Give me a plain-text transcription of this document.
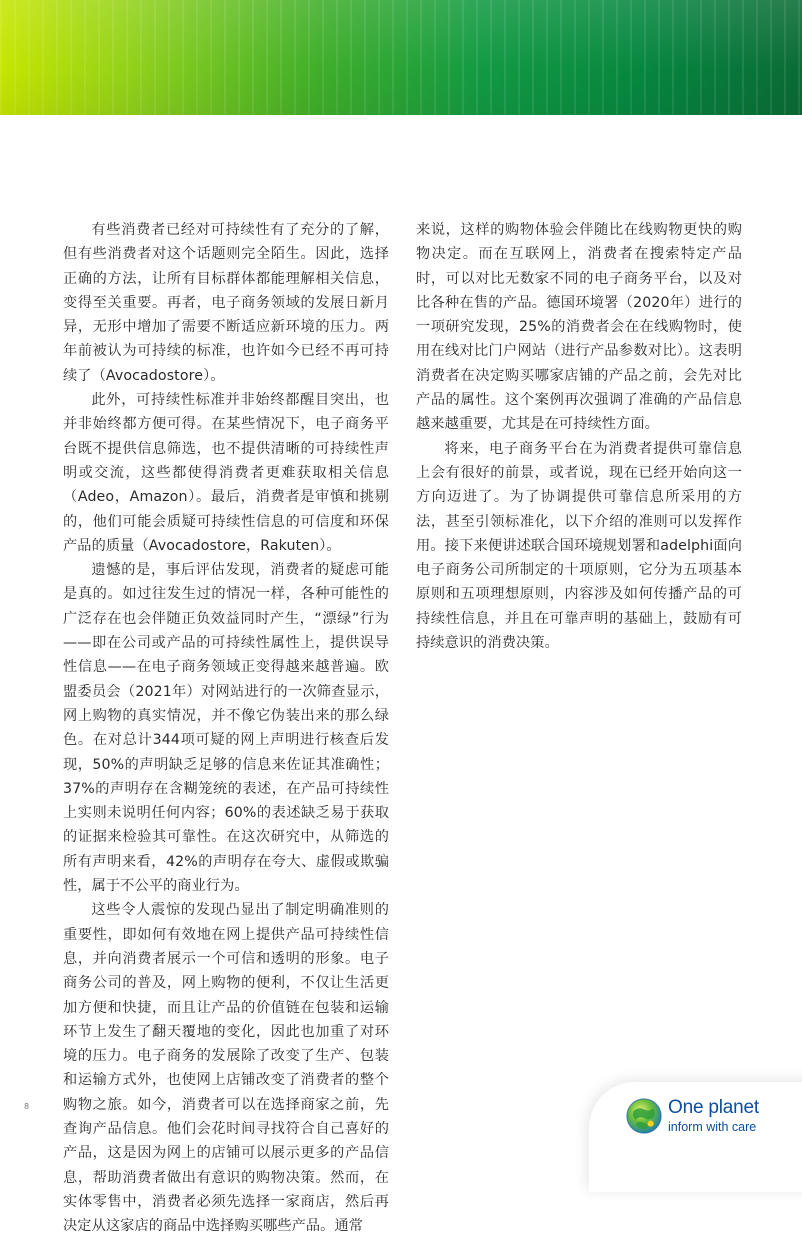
有些消费者已经对可持续性有了充分的了解，但有些消费者对这个话题则完全陌生。因此，选择正确的方法，让所有目标群体都能理解相关信息，变得至关重要。再者，电子商务领域的发展日新月异，无形中增加了需要不断适应新环境的压力。两年前被认为可持续的标准，也许如今已经不再可持续了（Avocadostore）。

此外，可持续性标准并非始终都醒目突出，也并非始终都方便可得。在某些情况下，电子商务平台既不提供信息筛选，也不提供清晰的可持续性声明或交流，这些都使得消费者更难获取相关信息（Adeo，Amazon）。最后，消费者是审慎和挑剔的，他们可能会质疑可持续性信息的可信度和环保产品的质量（Avocadostore，Rakuten）。

遗憾的是，事后评估发现，消费者的疑虑可能是真的。如过往发生过的情况一样，各种可能性的广泛存在也会伴随正负效益同时产生，“漂绿”行为——即在公司或产品的可持续性属性上，提供误导性信息——在电子商务领域正变得越来越普遍。欧盟委员会（2021年）对网站进行的一次筛查显示，网上购物的真实情况，并不像它伪装出来的那么绿色。在对总计344项可疑的网上声明进行核查后发现，50%的声明缺乏足够的信息来佐证其准确性；37%的声明存在含糊笼统的表述，在产品可持续性上实则未说明任何内容；60%的表述缺乏易于获取的证据来检验其可靠性。在这次研究中，从筛选的所有声明来看，42%的声明存在夸大、虚假或欺骗性，属于不公平的商业行为。

这些令人震惊的发现凸显出了制定明确准则的重要性，即如何有效地在网上提供产品可持续性信息，并向消费者展示一个可信和透明的形象。电子商务公司的普及，网上购物的便利，不仅让生活更加方便和快捷，而且让产品的价值链在包装和运输环节上发生了翻天覆地的变化，因此也加重了对环境的压力。电子商务的发展除了改变了生产、包装和运输方式外，也使网上店铺改变了消费者的整个购物之旅。如今，消费者可以在选择商家之前，先查询产品信息。他们会花时间寻找符合自己喜好的产品，这是因为网上的店铺可以展示更多的产品信息，帮助消费者做出有意识的购物决策。然而，在实体零售中，消费者必须先选择一家商店，然后再决定从这家店的商品中选择购买哪些产品。通常

来说，这样的购物体验会伴随比在线购物更快的购物决定。而在互联网上，消费者在搜索特定产品时，可以对比无数家不同的电子商务平台，以及对比各种在售的产品。德国环境署（2020年）进行的一项研究发现，25%的消费者会在在线购物时，使用在线对比门户网站（进行产品参数对比）。这表明消费者在决定购买哪家店铺的产品之前，会先对比产品的属性。这个案例再次强调了准确的产品信息越来越重要，尤其是在可持续性方面。

将来，电子商务平台在为消费者提供可靠信息上会有很好的前景，或者说，现在已经开始向这一方向迈进了。为了协调提供可靠信息所采用的方法，甚至引领标准化，以下介绍的准则可以发挥作用。接下来便讲述联合国环境规划署和adelphi面向电子商务公司所制定的十项原则，它分为五项基本原则和五项理想原则，内容涉及如何传播产品的可持续性信息，并且在可靠声明的基础上，鼓励有可持续意识的消费决策。

8	One planet
inform with care
